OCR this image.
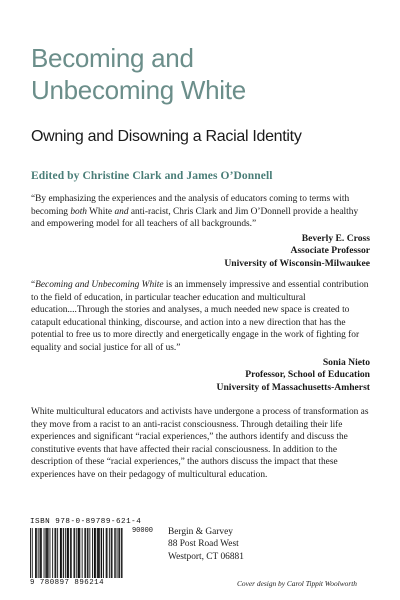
Becoming and
Unbecoming White
Owning and Disowning a Racial Identity
Edited by Christine Clark and James O’Donnell
“By emphasizing the experiences and the analysis of educators coming to terms with becoming both White and anti-racist, Chris Clark and Jim O’Donnell provide a healthy and empowering model for all teachers of all backgrounds.”
Beverly E. Cross
Associate Professor
University of Wisconsin-Milwaukee
“Becoming and Unbecoming White is an immensely impressive and essential contribution to the field of education, in particular teacher education and multicultural education....Through the stories and analyses, a much needed new space is created to catapult educational thinking, discourse, and action into a new direction that has the potential to free us to more directly and energetically engage in the work of fighting for equality and social justice for all of us.”
Sonia Nieto
Professor, School of Education
University of Massachusetts-Amherst
White multicultural educators and activists have undergone a process of transformation as they move from a racist to an anti-racist consciousness. Through detailing their life experiences and significant “racial experiences,” the authors identify and discuss the constitutive events that have affected their racial consciousness. In addition to the description of these “racial experiences,” the authors discuss the impact that these experiences have on their pedagogy of multicultural education.
ISBN 978-0-89789-621-4
90000
9 780897 896214
Bergin & Garvey
88 Post Road West
Westport, CT 06881
Cover design by Carol Tippit Woolworth
